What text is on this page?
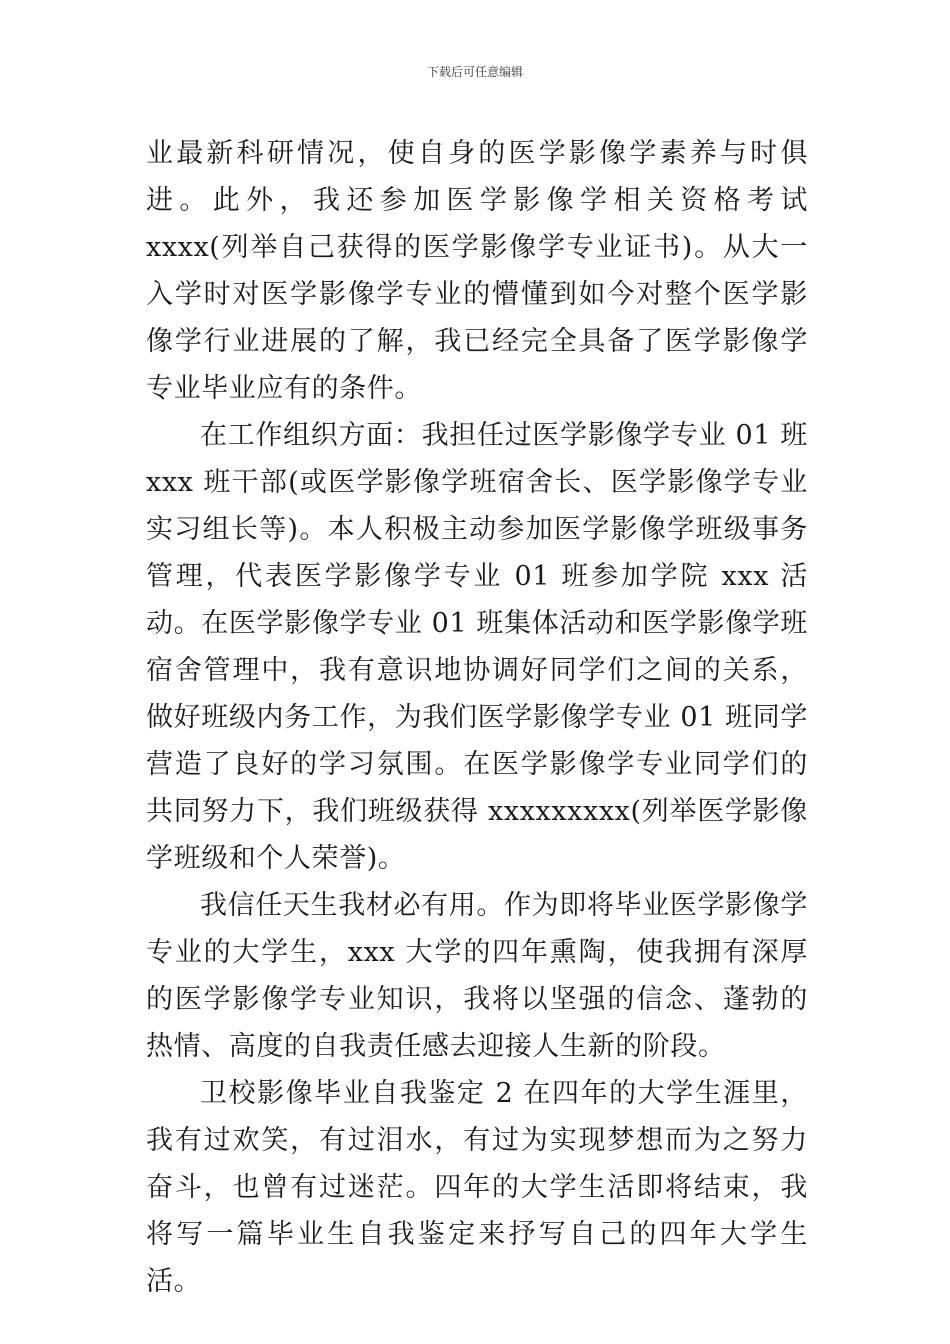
下载后可任意编辑

业最新科研情况，使自身的医学影像学素养与时俱进。此外，我还参加医学影像学相关资格考试 xxxx(列举自己获得的医学影像学专业证书)。从大一入学时对医学影像学专业的懵懂到如今对整个医学影像学行业进展的了解，我已经完全具备了医学影像学专业毕业应有的条件。

在工作组织方面：我担任过医学影像学专业 01 班 xxx 班干部(或医学影像学班宿舍长、医学影像学专业实习组长等)。本人积极主动参加医学影像学班级事务管理，代表医学影像学专业 01 班参加学院 xxx 活动。在医学影像学专业 01 班集体活动和医学影像学班宿舍管理中，我有意识地协调好同学们之间的关系，做好班级内务工作，为我们医学影像学专业 01 班同学营造了良好的学习氛围。在医学影像学专业同学们的共同努力下，我们班级获得 xxxxxxxxx(列举医学影像学班级和个人荣誉)。

我信任天生我材必有用。作为即将毕业医学影像学专业的大学生，xxx 大学的四年熏陶，使我拥有深厚的医学影像学专业知识，我将以坚强的信念、蓬勃的热情、高度的自我责任感去迎接人生新的阶段。

卫校影像毕业自我鉴定 2 在四年的大学生涯里，我有过欢笑，有过泪水，有过为实现梦想而为之努力奋斗，也曾有过迷茫。四年的大学生活即将结束，我将写一篇毕业生自我鉴定来抒写自己的四年大学生活。
